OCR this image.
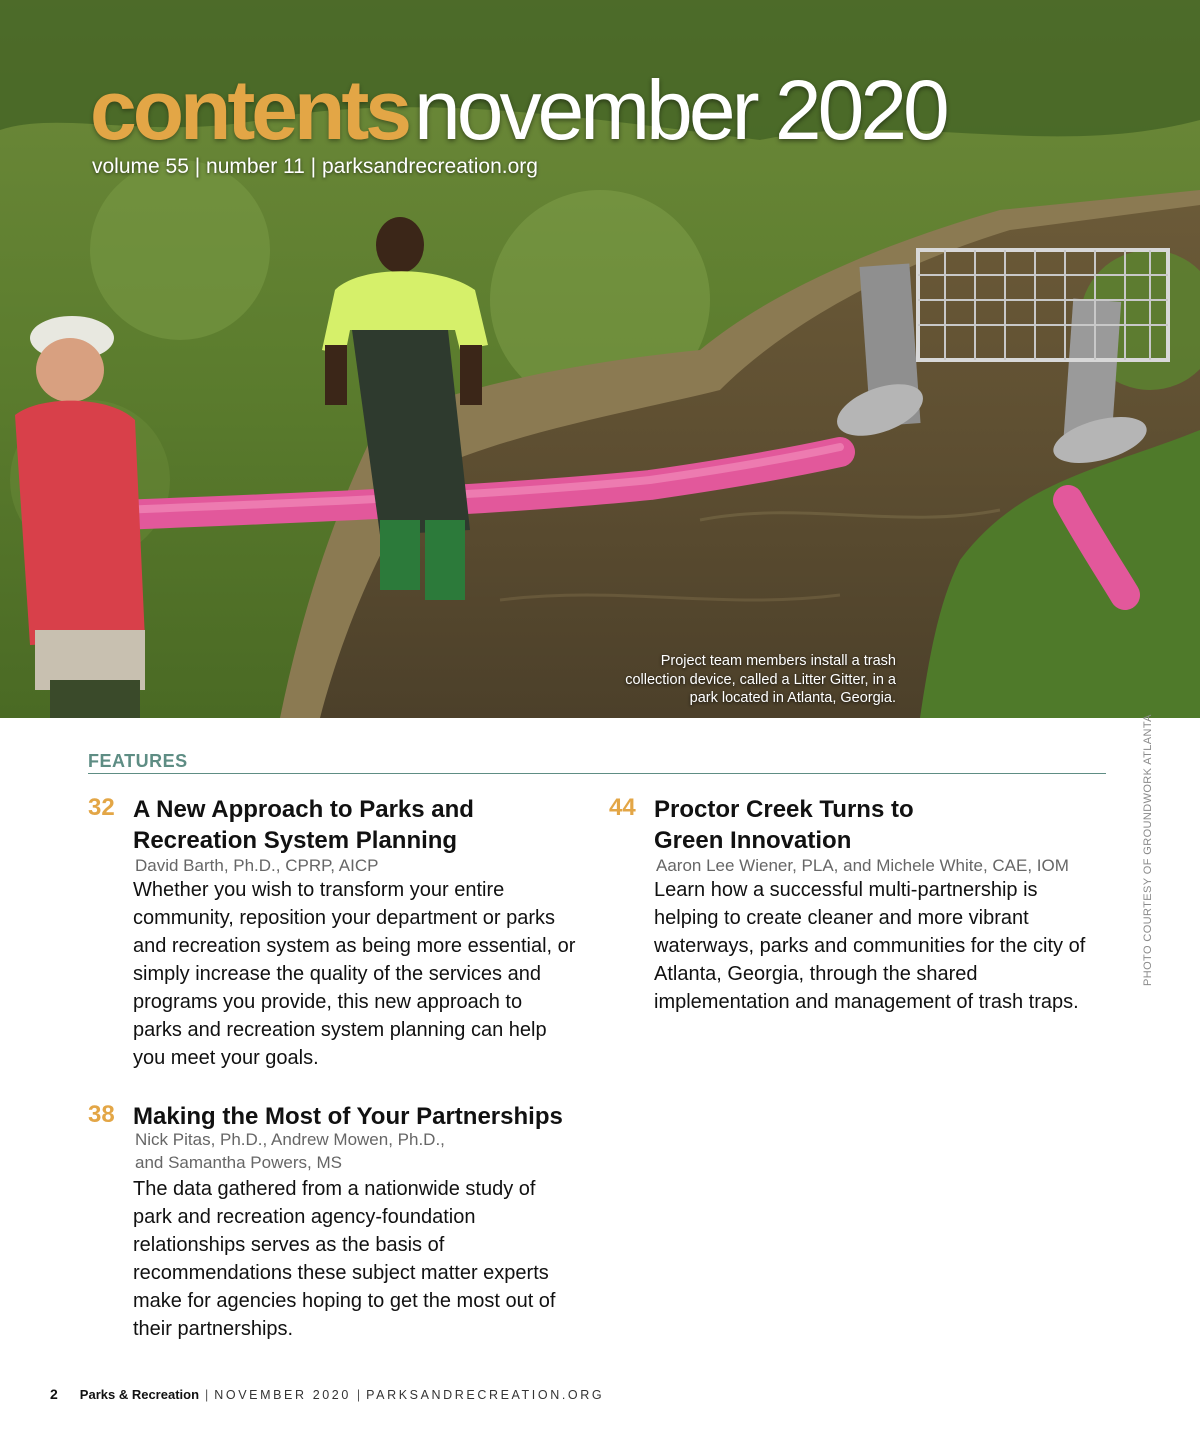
contentsnovember 2020
volume 55 | number 11 | parksandrecreation.org
Project team members install a trash collection device, called a Litter Gitter, in a park located in Atlanta, Georgia.
FEATURES
32 A New Approach to Parks and
Recreation System Planning
David Barth, Ph.D., CPRP, AICP
Whether you wish to transform your entire
community, reposition your department or parks
and recreation system as being more essential, or
simply increase the quality of the services and
programs you provide, this new approach to
parks and recreation system planning can help
you meet your goals.
38 Making the Most of Your Partnerships
Nick Pitas, Ph.D., Andrew Mowen, Ph.D.,
and Samantha Powers, MS
The data gathered from a nationwide study of
park and recreation agency-foundation
relationships serves as the basis of
recommendations these subject matter experts
make for agencies hoping to get the most out of
their partnerships.
44 Proctor Creek Turns to
Green Innovation
Aaron Lee Wiener, PLA, and Michele White, CAE, IOM
Learn how a successful multi-partnership is
helping to create cleaner and more vibrant
waterways, parks and communities for the city of
Atlanta, Georgia, through the shared
implementation and management of trash traps.
PHOTO COURTESY OF GROUNDWORK ATLANTA
2 Parks & Recreation | NOVEMBER 2020 | PARKSANDRECREATION.ORG
